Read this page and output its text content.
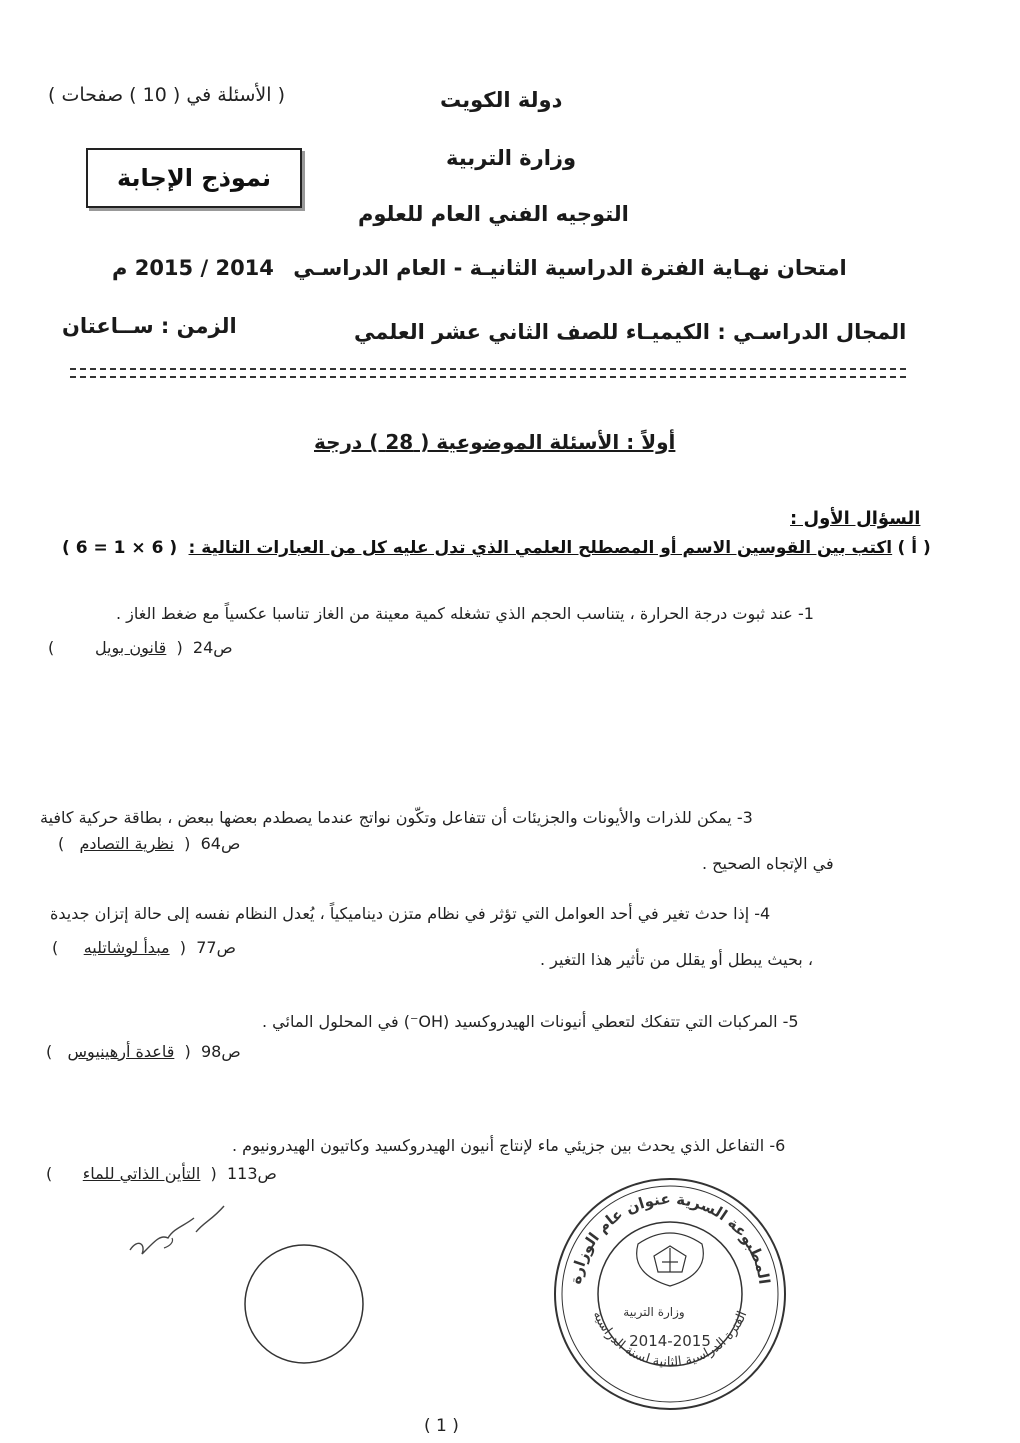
( الأسئلة في ( 10 ) صفحات )	دولة الكويت
وزارة التربية
نموذج الإجابة
التوجيه الفني العام للعلوم
امتحان نهـاية الفترة الدراسية الثانيـة - العام الدراسـي 2014 / 2015 م
الزمن : ســاعتان	المجال الدراسـي : الكيميـاء للصف الثاني عشر العلمي
أولاً : الأسئلة الموضوعية ( 28 ) درجة
السؤال الأول :
( أ ) اكتب بين القوسين الاسم أو المصطلح العلمي الذي تدل عليه كل من العبارات التالية : ( 6 × 1 = 6 )
1- عند ثبوت درجة الحرارة ، يتناسب الحجم الذي تشغله كمية معينة من الغاز تناسبا عكسياً مع ضغط الغاز .
ص24  (  قانون بويل        )
3- يمكن للذرات والأيونات والجزيئات أن تتفاعل وتكّون نواتج عندما يصطدم بعضها ببعض ، بطاقة حركية كافية
ص64  (  نظرية التصادم   )
في الإتجاه الصحيح .
4- إذا حدث تغير في أحد العوامل التي تؤثر في نظام متزن ديناميكياً ، يُعدل النظام نفسه إلى حالة إتزان جديدة
ص77  (  مبدأ لوشاتليه     )
، بحيث يبطل أو يقلل من تأثير هذا التغير .
5- المركبات التي تتفكك لتعطي أنيونات الهيدروكسيد (OH⁻) في المحلول المائي .
ص98  (  قاعدة أرهينيوس   )
6- التفاعل الذي يحدث بين جزيئي ماء لإنتاج أنيون الهيدروكسيد وكاتيون الهيدرونيوم .
ص113  (  التأين الذاتي للماء      )
المطبوعة السرية عنوان عام الوزارة
الفترة الدراسية الثانية لسنة الدراسية
وزارة التربية
2014-2015
( 1 )
